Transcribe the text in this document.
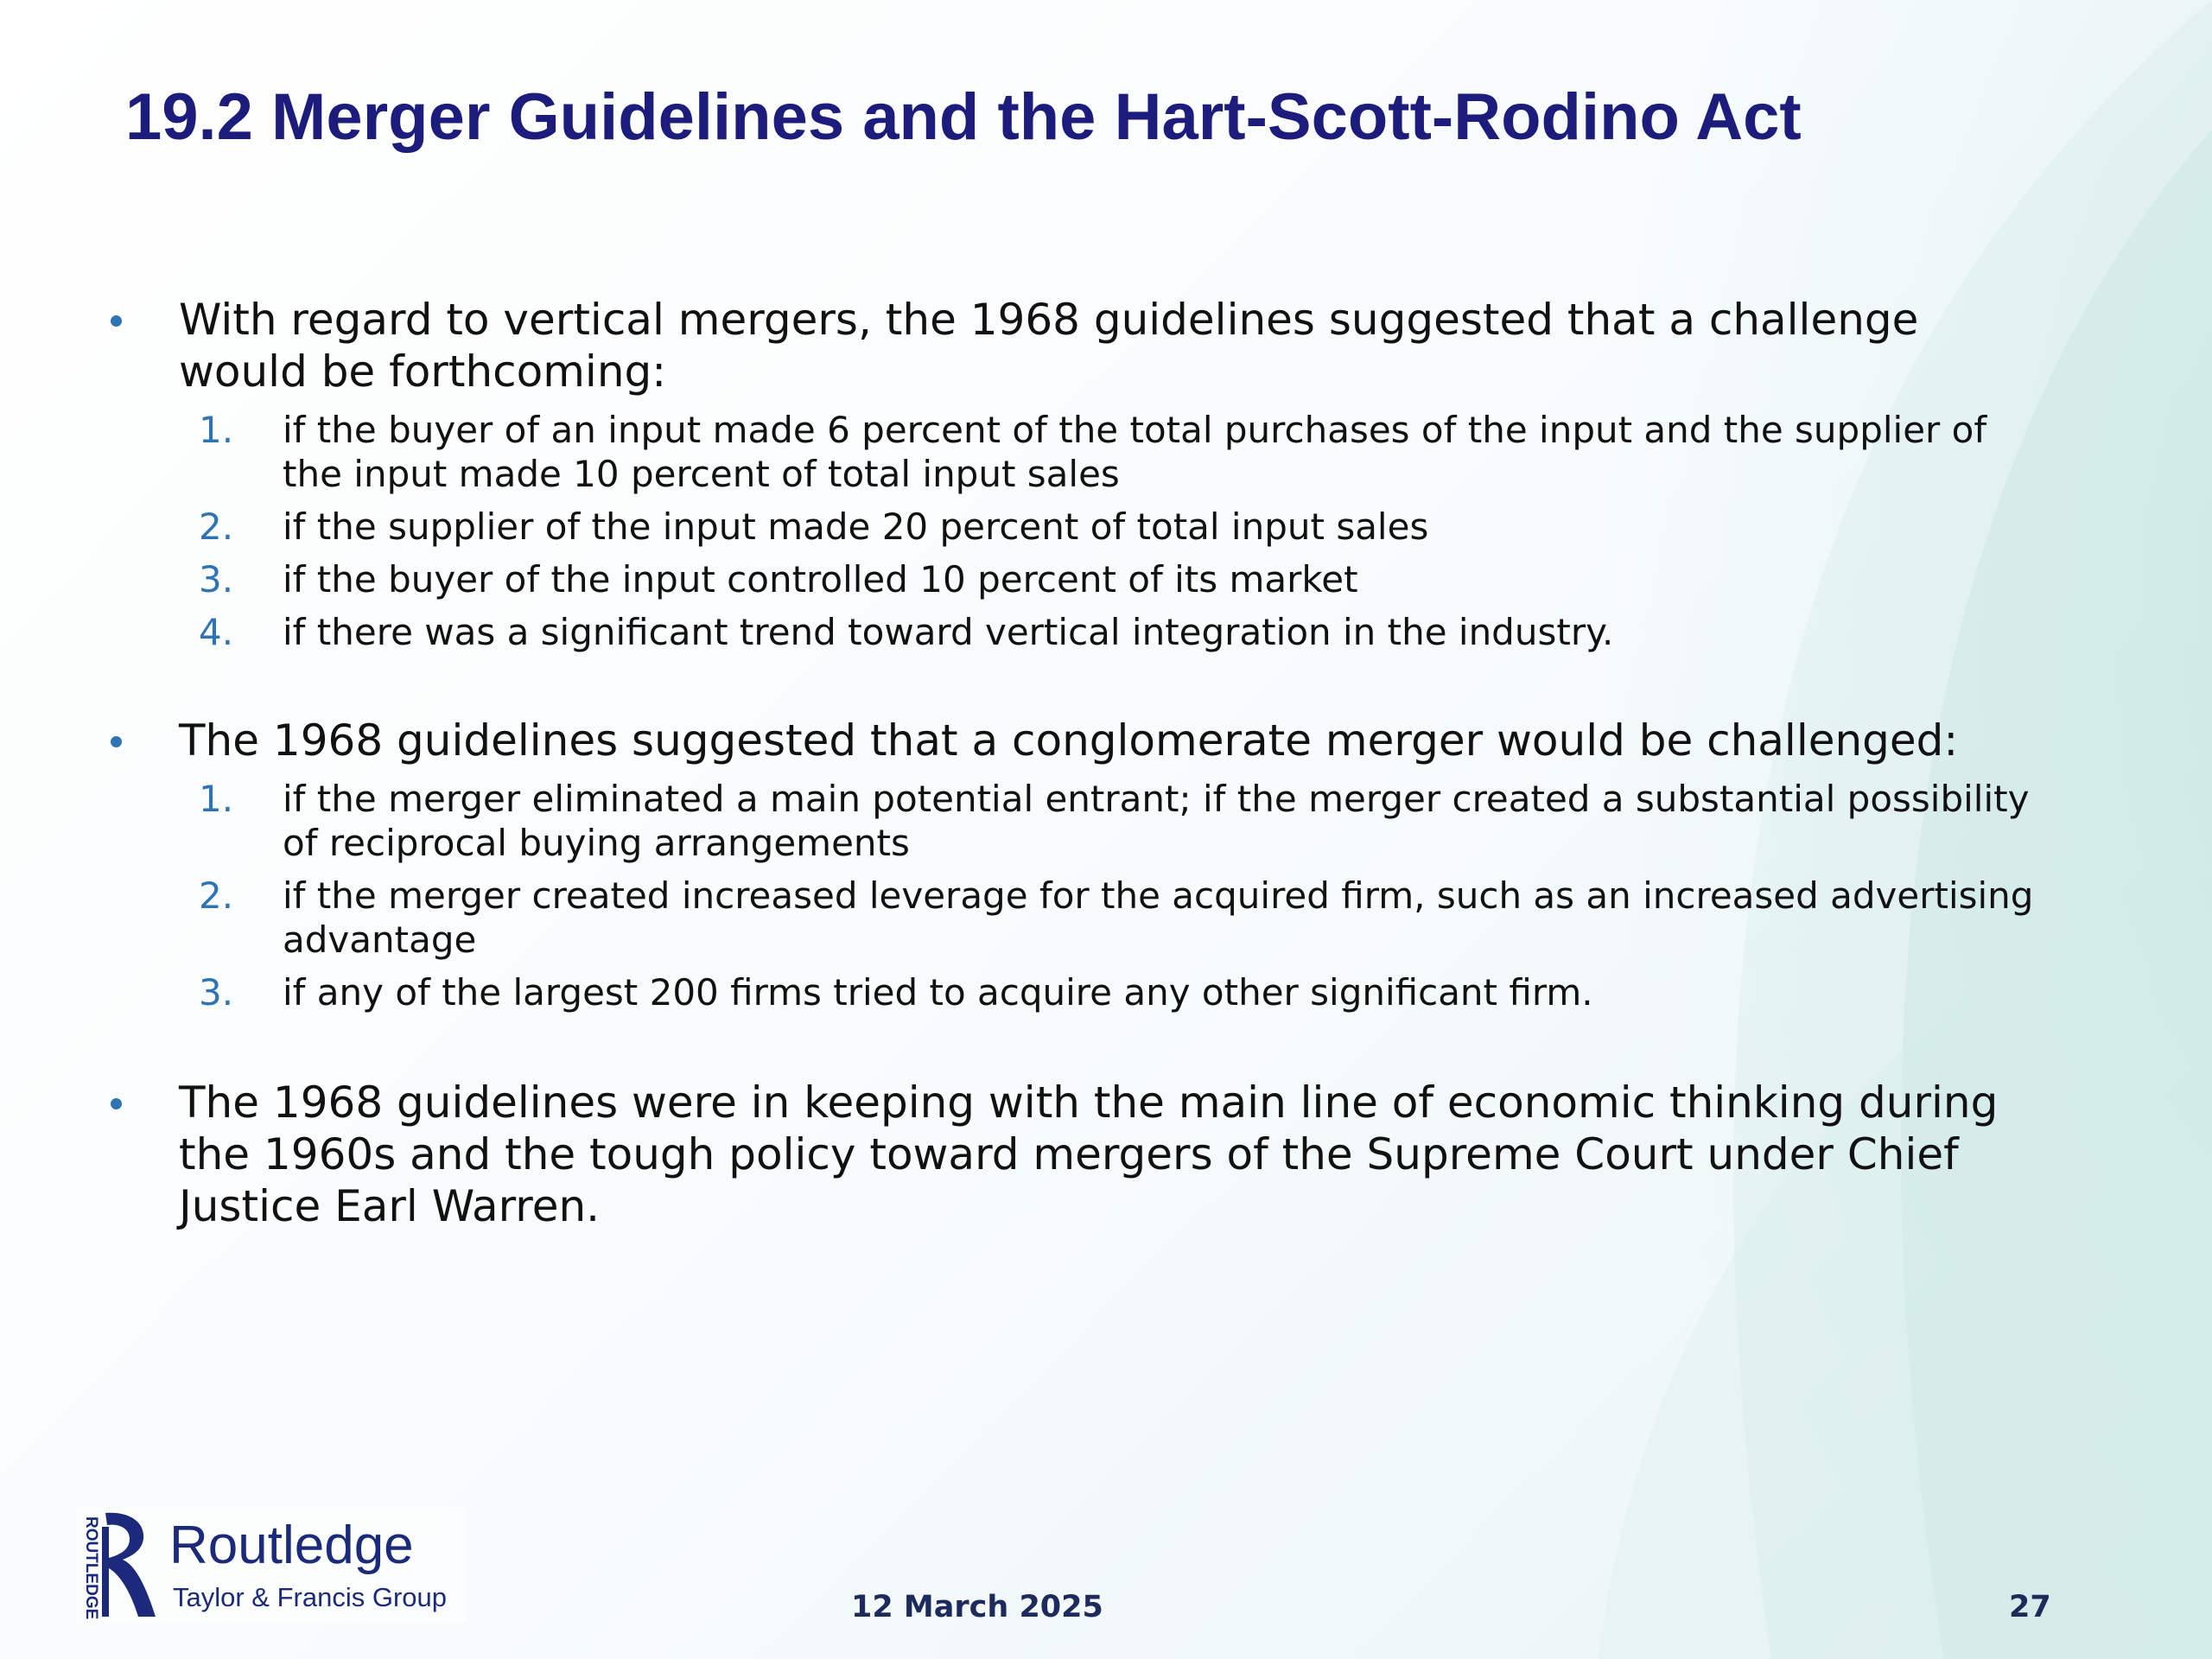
19.2 Merger Guidelines and the Hart-Scott-Rodino Act
With regard to vertical mergers, the 1968 guidelines suggested that a challenge would be forthcoming:
1. if the buyer of an input made 6 percent of the total purchases of the input and the supplier of the input made 10 percent of total input sales
2. if the supplier of the input made 20 percent of total input sales
3. if the buyer of the input controlled 10 percent of its market
4. if there was a significant trend toward vertical integration in the industry.
The 1968 guidelines suggested that a conglomerate merger would be challenged:
1. if the merger eliminated a main potential entrant; if the merger created a substantial possibility of reciprocal buying arrangements
2. if the merger created increased leverage for the acquired firm, such as an increased advertising advantage
3. if any of the largest 200 firms tried to acquire any other significant firm.
The 1968 guidelines were in keeping with the main line of economic thinking during the 1960s and the tough policy toward mergers of the Supreme Court under Chief Justice Earl Warren.
ROUTLEDGE Routledge
Taylor & Francis Group	12 March 2025	27
